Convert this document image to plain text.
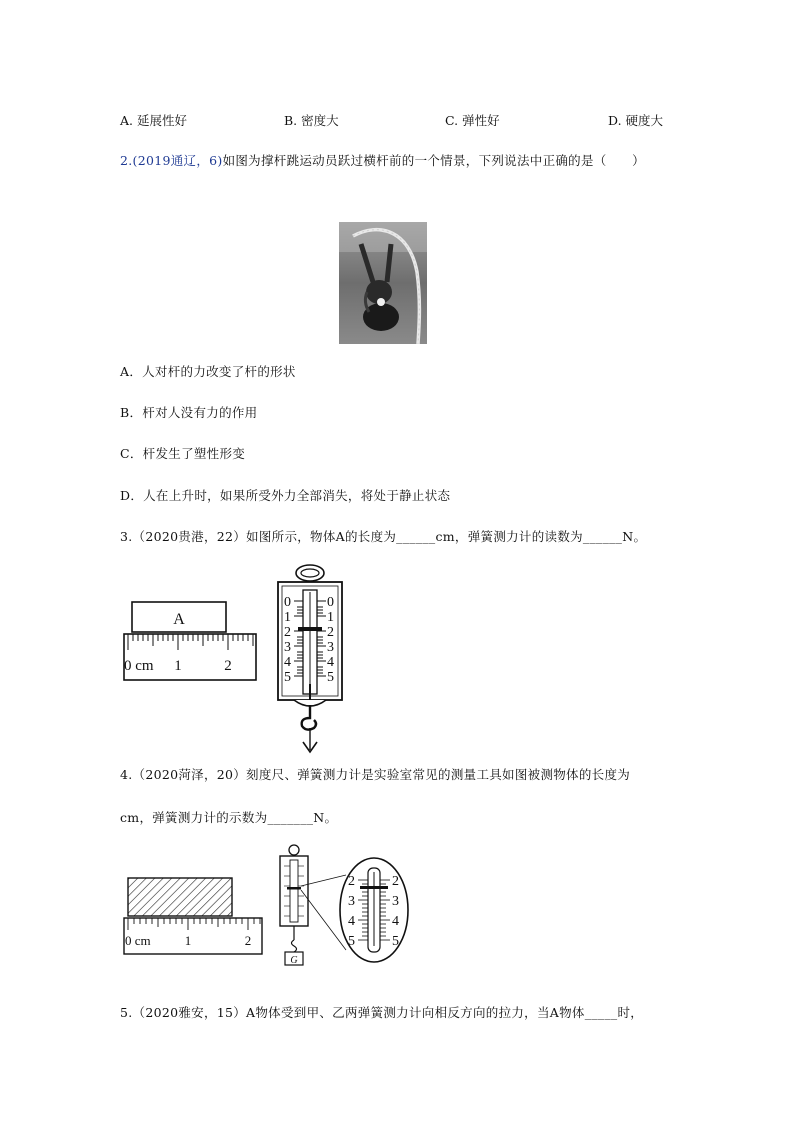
A. 延展性好	B. 密度大	C. 弹性好	D. 硬度大
2.(2019通辽，6)如图为撑杆跳运动员跃过横杆前的一个情景，下列说法中正确的是（　　）
A．人对杆的力改变了杆的形状
B．杆对人没有力的作用
C．杆发生了塑性形变
D．人在上升时，如果所受外力全部消失，将处于静止状态
3.（2020贵港，22）如图所示，物体A的长度为______cm，弹簧测力计的读数为______N。
A
0 cm 1	2
0
1
2
3
4
5
0
1
2
3
4
5
4.（2020菏泽，20）刻度尺、弹簧测力计是实验室常见的测量工具如图被测物体的长度为
cm，弹簧测力计的示数为_______N。
0 cm	1	2
G
2
3
4
5
2
3
4
5
5.（2020雅安，15）A物体受到甲、乙两弹簧测力计向相反方向的拉力，当A物体_____时，
